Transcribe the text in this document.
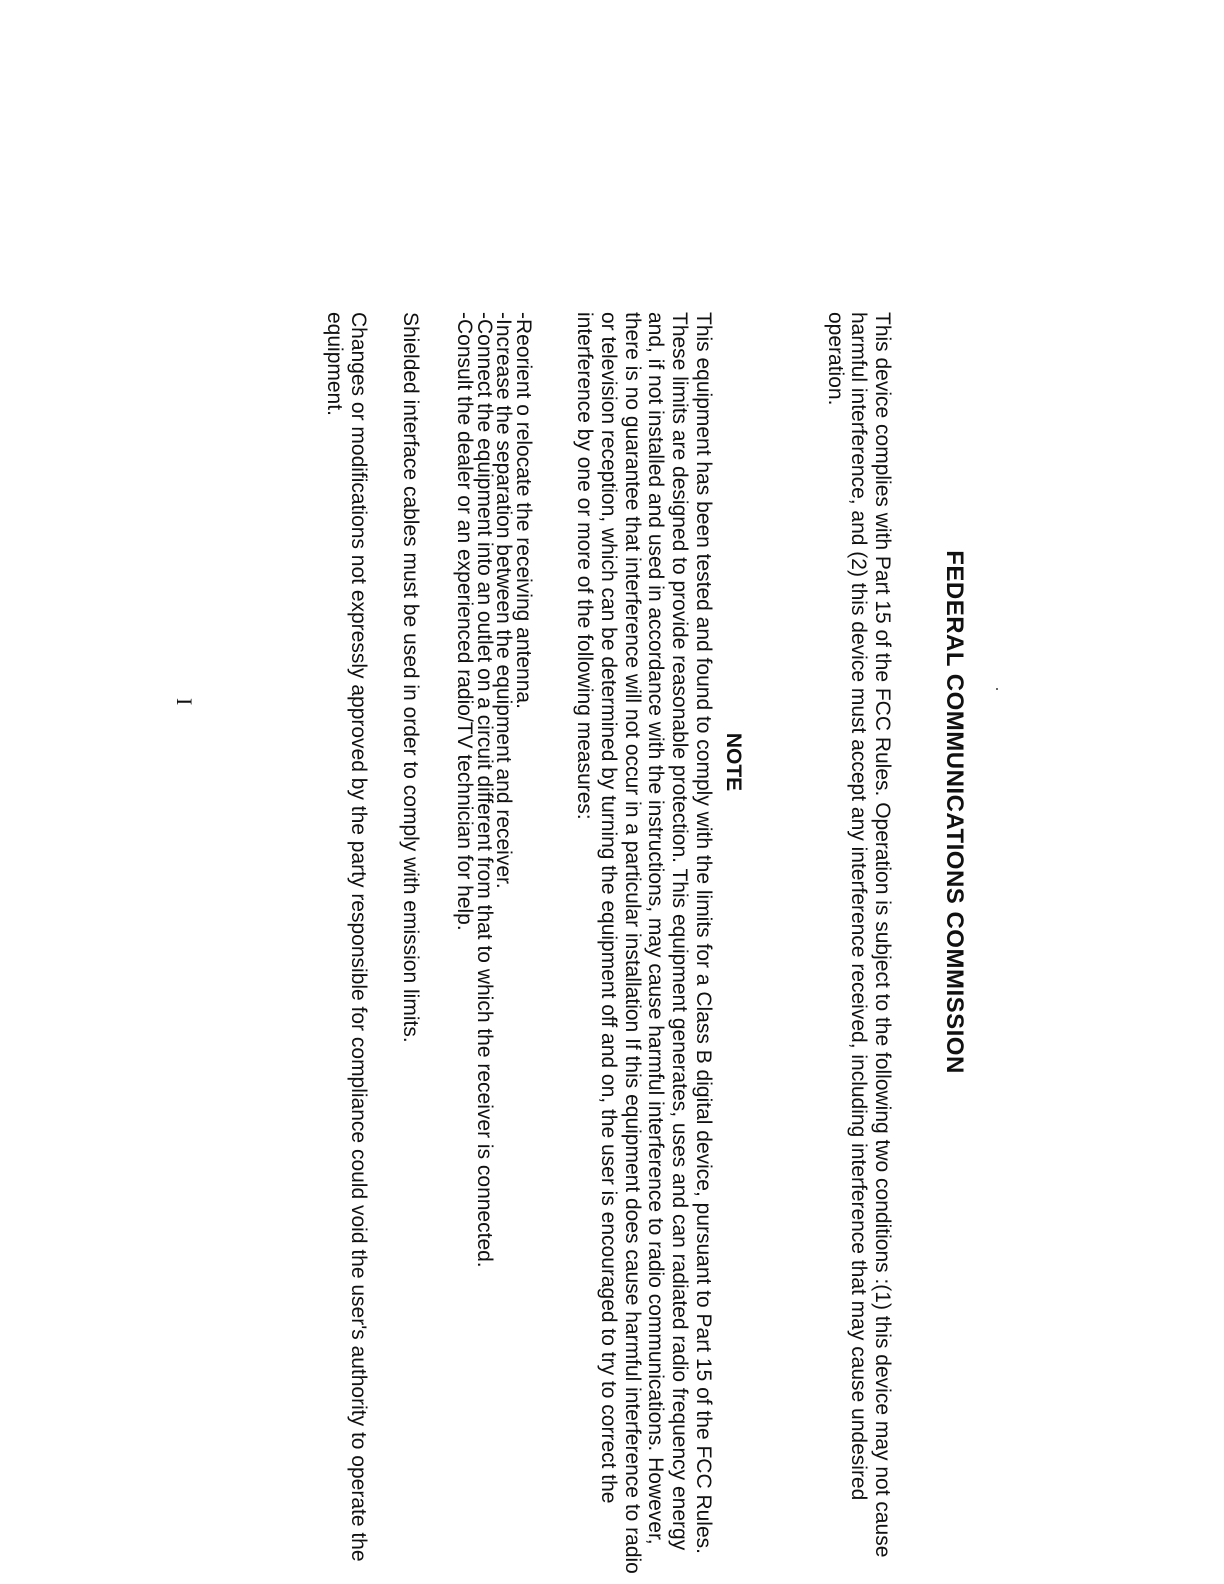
FEDERAL COMMUNICATIONS COMMISSION

This device complies with Part 15 of the FCC Rules. Operation is subject to the following two conditions :(1) this device may not cause harmful interference, and (2) this device must accept any interference received, including interference that may cause undesired operation.

NOTE

This equipment has been tested and found to comply with the limits for a Class B digital device, pursuant to Part 15 of the FCC Rules. These limits are designed to provide reasonable protection. This equipment generates, uses and can radiated radio frequency energy and, if not installed and used in accordance with the instructions, may cause harmful interference to radio communications. However, there is no guarantee that interference will not occur in a particular installation If this equipment does cause harmful interference to radio or television reception, which can be determined by turning the equipment off and on, the user is encouraged to try to correct the interference by one or more of the following measures:

-Reorient o relocate the receiving antenna.
-Increase the separation between the equipment and receiver.
-Connect the equipment into an outlet on a circuit different from that to which the receiver is connected.
-Consult the dealer or an experienced radio/TV technician for help.

Shielded interface cables must be used in order to comply with emission limits.

Changes or modifications not expressly approved by the party responsible for compliance could void the user's authority to operate the equipment.

I
